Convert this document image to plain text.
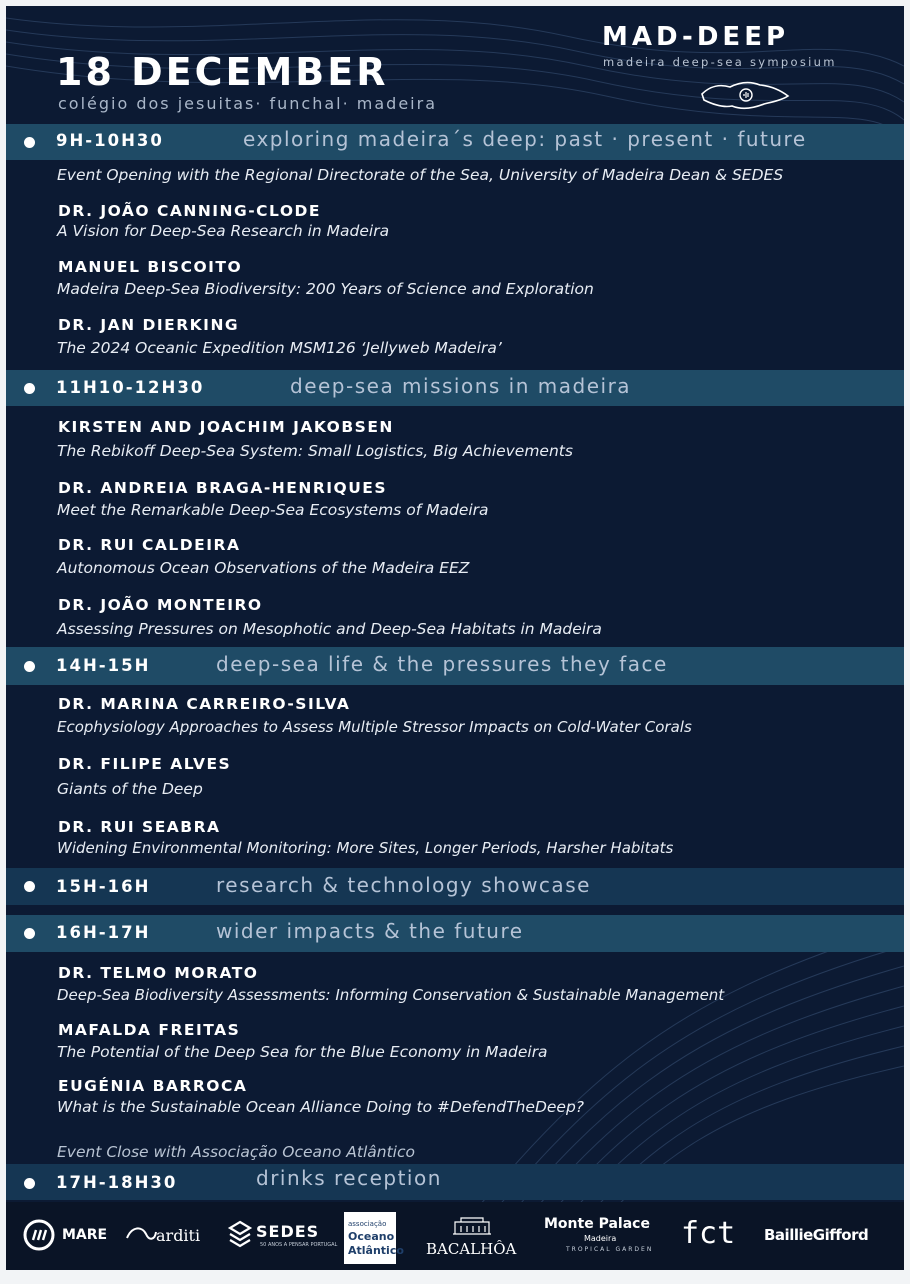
18 DECEMBER
colégio dos jesuitas· funchal· madeira
MAD-DEEP
madeira deep-sea symposium
9H-10H30	exploring madeira´s deep: past · present · future
Event Opening with the Regional Directorate of the Sea, University of Madeira Dean & SEDES
DR. JOÃO CANNING-CLODE
A Vision for Deep-Sea Research in Madeira
MANUEL BISCOITO
Madeira Deep-Sea Biodiversity: 200 Years of Science and Exploration
DR. JAN DIERKING
The 2024 Oceanic Expedition MSM126 ‘Jellyweb Madeira’
11H10-12H30	deep-sea missions in madeira
KIRSTEN AND JOACHIM JAKOBSEN
The Rebikoff Deep-Sea System: Small Logistics, Big Achievements
DR. ANDREIA BRAGA-HENRIQUES
Meet the Remarkable Deep-Sea Ecosystems of Madeira
DR. RUI CALDEIRA
Autonomous Ocean Observations of the Madeira EEZ
DR. JOÃO MONTEIRO
Assessing Pressures on Mesophotic and Deep-Sea Habitats in Madeira
14H-15H	deep-sea life & the pressures they face
DR. MARINA CARREIRO-SILVA
Ecophysiology Approaches to Assess Multiple Stressor Impacts on Cold-Water Corals
DR. FILIPE ALVES
Giants of the Deep
DR. RUI SEABRA
Widening Environmental Monitoring: More Sites, Longer Periods, Harsher Habitats
15H-16H	research & technology showcase
16H-17H	wider impacts & the future
DR. TELMO MORATO
Deep-Sea Biodiversity Assessments: Informing Conservation & Sustainable Management
MAFALDA FREITAS
The Potential of the Deep Sea for the Blue Economy in Madeira
EUGÉNIA BARROCA
What is the Sustainable Ocean Alliance Doing to #DefendTheDeep?
Event Close with Associação Oceano Atlântico
17H-18H30	drinks reception
MARE	arditi	SEDES
50 ANOS A PENSAR PORTUGAL
associação
Oceano
Atlântico BACALHÔA
Monte Palace
Madeira
TROPICAL GARDEN fct BaillieGifford
